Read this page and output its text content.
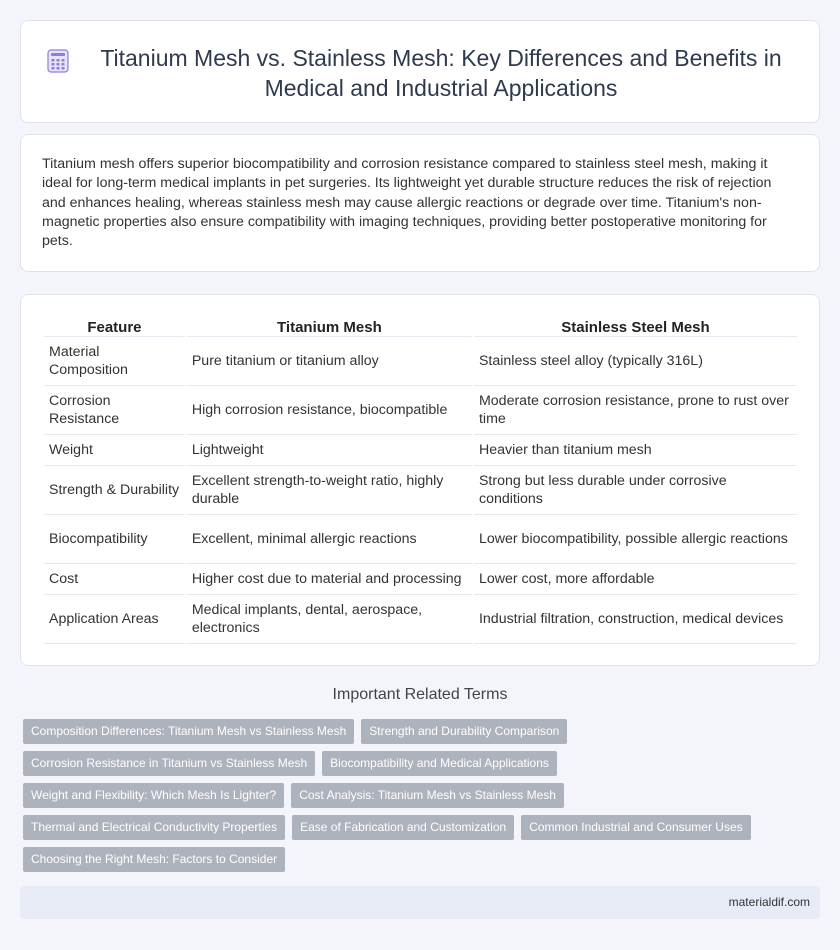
Titanium Mesh vs. Stainless Mesh: Key Differences and Benefits in Medical and Industrial Applications

Titanium mesh offers superior biocompatibility and corrosion resistance compared to stainless steel mesh, making it ideal for long-term medical implants in pet surgeries. Its lightweight yet durable structure reduces the risk of rejection and enhances healing, whereas stainless mesh may cause allergic reactions or degrade over time. Titanium's non-magnetic properties also ensure compatibility with imaging techniques, providing better postoperative monitoring for pets.

Feature	Titanium Mesh	Stainless Steel Mesh
Material Composition	Pure titanium or titanium alloy	Stainless steel alloy (typically 316L)
Corrosion Resistance	High corrosion resistance, biocompatible	Moderate corrosion resistance, prone to rust over time
Weight	Lightweight	Heavier than titanium mesh
Strength & Durability	Excellent strength-to-weight ratio, highly durable	Strong but less durable under corrosive conditions
Biocompatibility	Excellent, minimal allergic reactions	Lower biocompatibility, possible allergic reactions
Cost	Higher cost due to material and processing	Lower cost, more affordable
Application Areas	Medical implants, dental, aerospace, electronics	Industrial filtration, construction, medical devices
Important Related Terms
Composition Differences: Titanium Mesh vs Stainless Mesh	Strength and Durability Comparison
Corrosion Resistance in Titanium vs Stainless Mesh	Biocompatibility and Medical Applications
Weight and Flexibility: Which Mesh Is Lighter?	Cost Analysis: Titanium Mesh vs Stainless Mesh
Thermal and Electrical Conductivity Properties	Ease of Fabrication and Customization	Common Industrial and Consumer Uses
Choosing the Right Mesh: Factors to Consider
materialdif.com
